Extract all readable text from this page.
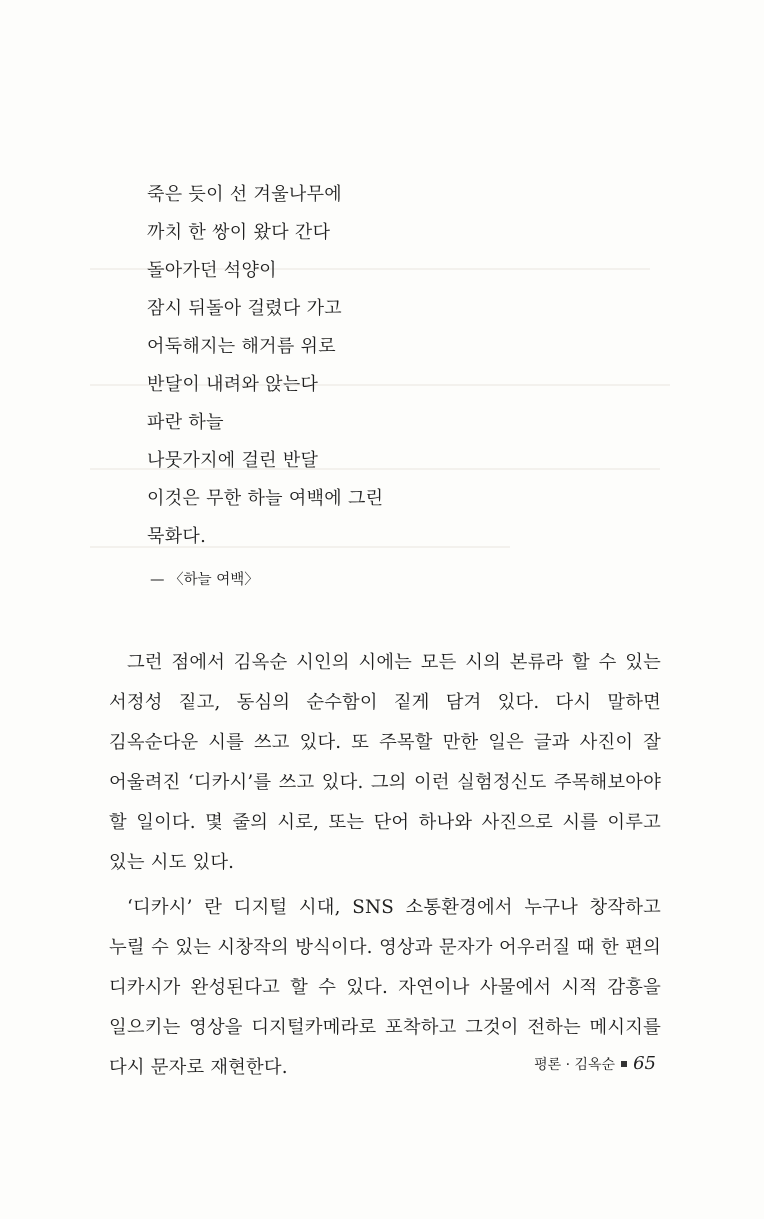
죽은 듯이 선 겨울나무에
까치 한 쌍이 왔다 간다
돌아가던 석양이
잠시 뒤돌아 걸렸다 가고
어둑해지는 해거름 위로
반달이 내려와 앉는다
파란 하늘
나뭇가지에 걸린 반달
이것은 무한 하늘 여백에 그린
묵화다.
— 〈하늘 여백〉

그런 점에서 김옥순 시인의 시에는 모든 시의 본류라 할 수 있는 서정성 짙고, 동심의 순수함이 짙게 담겨 있다. 다시 말하면 김옥순다운 시를 쓰고 있다. 또 주목할 만한 일은 글과 사진이 잘 어울려진 ‘디카시’를 쓰고 있다. 그의 이런 실험정신도 주목해보아야 할 일이다. 몇 줄의 시로, 또는 단어 하나와 사진으로 시를 이루고 있는 시도 있다.

‘디카시’ 란 디지털 시대, SNS 소통환경에서 누구나 창작하고 누릴 수 있는 시창작의 방식이다. 영상과 문자가 어우러질 때 한 편의 디카시가 완성된다고 할 수 있다. 자연이나 사물에서 시적 감흥을 일으키는 영상을 디지털카메라로 포착하고 그것이 전하는 메시지를 다시 문자로 재현한다.	평론 · 김옥순 65
